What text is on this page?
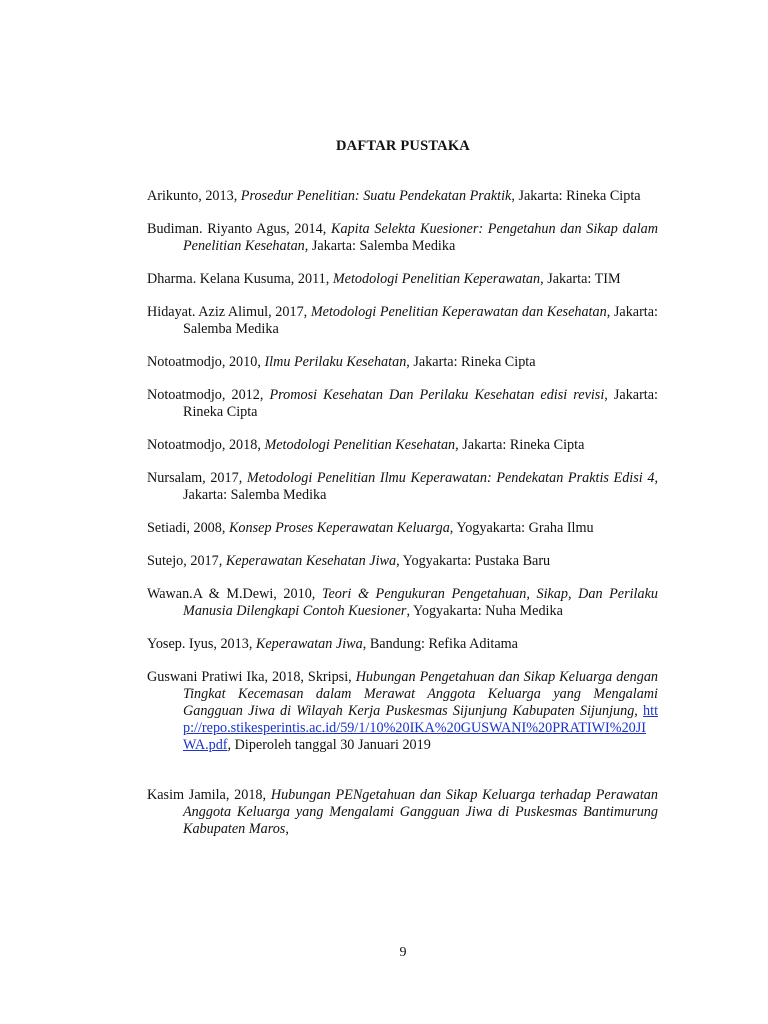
DAFTAR PUSTAKA

Arikunto, 2013, Prosedur Penelitian: Suatu Pendekatan Praktik, Jakarta: Rineka Cipta

Budiman. Riyanto Agus, 2014, Kapita Selekta Kuesioner: Pengetahun dan Sikap dalam Penelitian Kesehatan, Jakarta: Salemba Medika

Dharma. Kelana Kusuma, 2011, Metodologi Penelitian Keperawatan, Jakarta: TIM

Hidayat. Aziz Alimul, 2017, Metodologi Penelitian Keperawatan dan Kesehatan, Jakarta: Salemba Medika

Notoatmodjo, 2010, Ilmu Perilaku Kesehatan, Jakarta: Rineka Cipta

Notoatmodjo, 2012, Promosi Kesehatan Dan Perilaku Kesehatan edisi revisi, Jakarta: Rineka Cipta

Notoatmodjo, 2018, Metodologi Penelitian Kesehatan, Jakarta: Rineka Cipta

Nursalam, 2017, Metodologi Penelitian Ilmu Keperawatan: Pendekatan Praktis Edisi 4, Jakarta: Salemba Medika

Setiadi, 2008, Konsep Proses Keperawatan Keluarga, Yogyakarta: Graha Ilmu

Sutejo, 2017, Keperawatan Kesehatan Jiwa, Yogyakarta: Pustaka Baru

Wawan.A & M.Dewi, 2010, Teori & Pengukuran Pengetahuan, Sikap, Dan Perilaku Manusia Dilengkapi Contoh Kuesioner, Yogyakarta: Nuha Medika

Yosep. Iyus, 2013, Keperawatan Jiwa, Bandung: Refika Aditama

Guswani Pratiwi Ika, 2018, Skripsi, Hubungan Pengetahuan dan Sikap Keluarga dengan Tingkat Kecemasan dalam Merawat Anggota Keluarga yang Mengalami Gangguan Jiwa di Wilayah Kerja Puskesmas Sijunjung Kabupaten Sijunjung, http://repo.stikesperintis.ac.id/59/1/10%20IKA%20GUSWANI%20PRATIWI%20JIWA.pdf, Diperoleh tanggal 30 Januari 2019

Kasim Jamila, 2018, Hubungan PENgetahuan dan Sikap Keluarga terhadap Perawatan Anggota Keluarga yang Mengalami Gangguan Jiwa di Puskesmas Bantimurung Kabupaten Maros,

9
